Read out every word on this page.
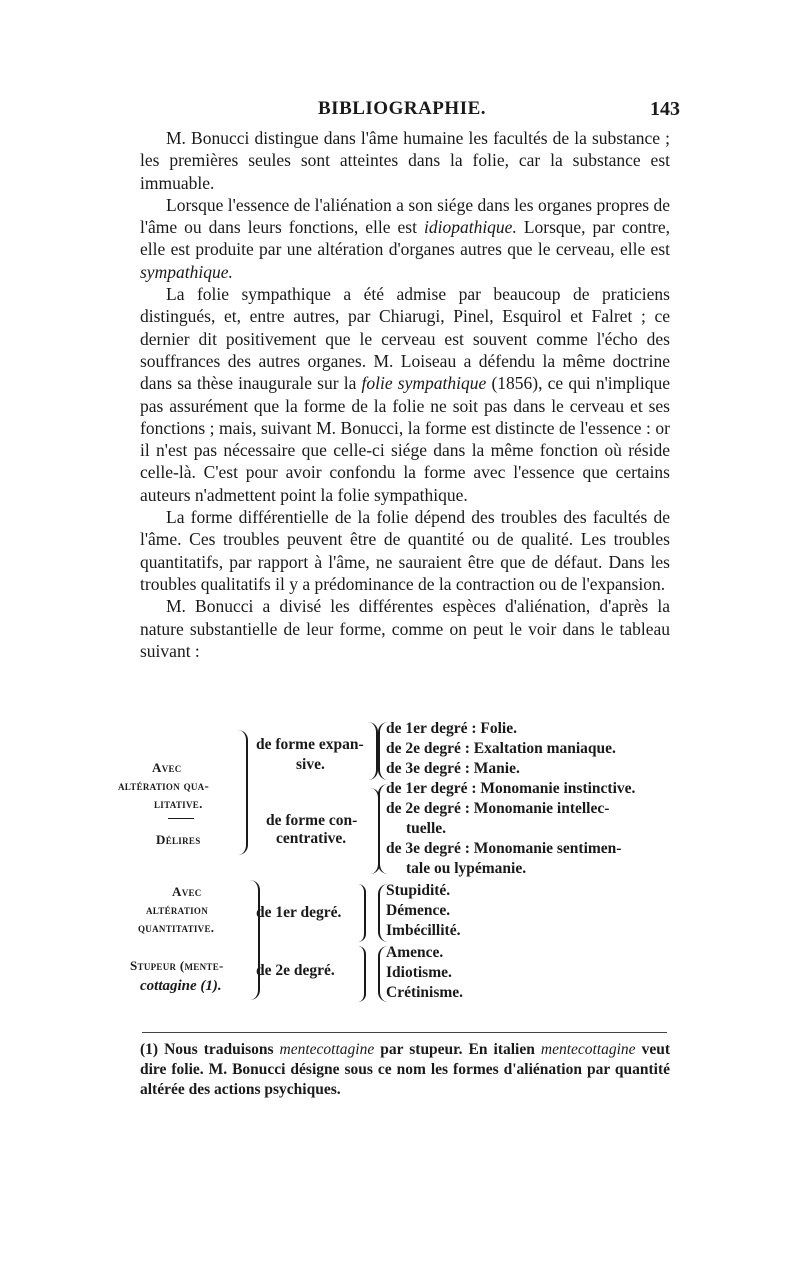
BIBLIOGRAPHIE.	143

M. Bonucci distingue dans l'âme humaine les facultés de la substance ; les premières seules sont atteintes dans la folie, car la substance est immuable.

Lorsque l'essence de l'aliénation a son siége dans les organes propres de l'âme ou dans leurs fonctions, elle est idiopathique. Lorsque, par contre, elle est produite par une altération d'organes autres que le cerveau, elle est sympathique.

La folie sympathique a été admise par beaucoup de praticiens distingués, et, entre autres, par Chiarugi, Pinel, Esquirol et Falret ; ce dernier dit positivement que le cerveau est souvent comme l'écho des souffrances des autres organes. M. Loiseau a défendu la même doctrine dans sa thèse inaugurale sur la folie sympathique (1856), ce qui n'implique pas assurément que la forme de la folie ne soit pas dans le cerveau et ses fonctions ; mais, suivant M. Bonucci, la forme est distincte de l'essence : or il n'est pas nécessaire que celle-ci siége dans la même fonction où réside celle-là. C'est pour avoir confondu la forme avec l'essence que certains auteurs n'admettent point la folie sympathique.

La forme différentielle de la folie dépend des troubles des facultés de l'âme. Ces troubles peuvent être de quantité ou de qualité. Les troubles quantitatifs, par rapport à l'âme, ne sauraient être que de défaut. Dans les troubles qualitatifs il y a prédominance de la contraction ou de l'expansion.

M. Bonucci a divisé les différentes espèces d'aliénation, d'après la nature substantielle de leur forme, comme on peut le voir dans le tableau suivant :

Avec
altération qua-
litative.
Délires
de forme expan-
sive.
de forme con-
centrative.
de 1er degré : Folie.
de 2e degré : Exaltation maniaque.
de 3e degré : Manie.
de 1er degré : Monomanie instinctive.
de 2e degré : Monomanie intellec-
tuelle.
de 3e degré : Monomanie sentimen-
tale ou lypémanie.
Avec
altération
quantitative.
Stupeur (mente-
cottagine (1).
de 1er degré.
de 2e degré.
Stupidité.
Démence.
Imbécillité.
Amence.
Idiotisme.
Crétinisme.
(1) Nous traduisons mentecottagine par stupeur. En italien mentecottagine veut dire folie. M. Bonucci désigne sous ce nom les formes d'aliénation par quantité altérée des actions psychiques.
